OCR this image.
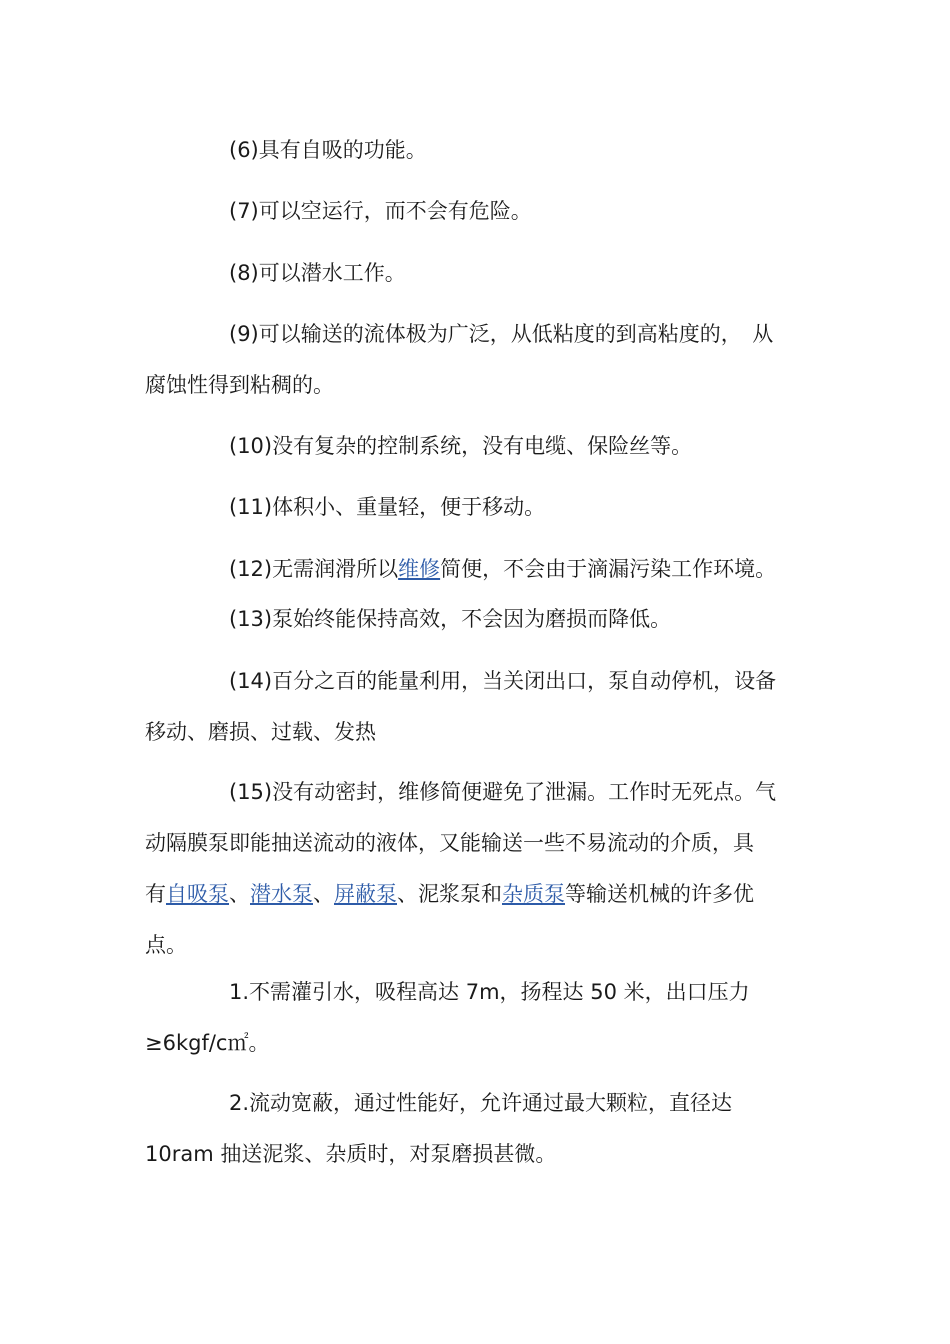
(6)具有自吸的功能。

(7)可以空运行，而不会有危险。

(8)可以潜水工作。

(9)可以输送的流体极为广泛，从低粘度的到高粘度的，　从
腐蚀性得到粘稠的。

(10)没有复杂的控制系统，没有电缆、保险丝等。

(11)体积小、重量轻，便于移动。

(12)无需润滑所以维修简便，不会由于滴漏污染工作环境。

(13)泵始终能保持高效，不会因为磨损而降低。

(14)百分之百的能量利用，当关闭出口，泵自动停机，设备
移动、磨损、过载、发热

(15)没有动密封，维修简便避免了泄漏。工作时无死点。气
动隔膜泵即能抽送流动的液体，又能输送一些不易流动的介质，具
有自吸泵、潜水泵、屏蔽泵、泥浆泵和杂质泵等输送机械的许多优
点。

1.不需灌引水，吸程高达 7m，扬程达 50 米，出口压力
≥6kgf/c㎡。

2.流动宽蔽，通过性能好，允许通过最大颗粒，直径达
10ram 抽送泥浆、杂质时，对泵磨损甚微。
